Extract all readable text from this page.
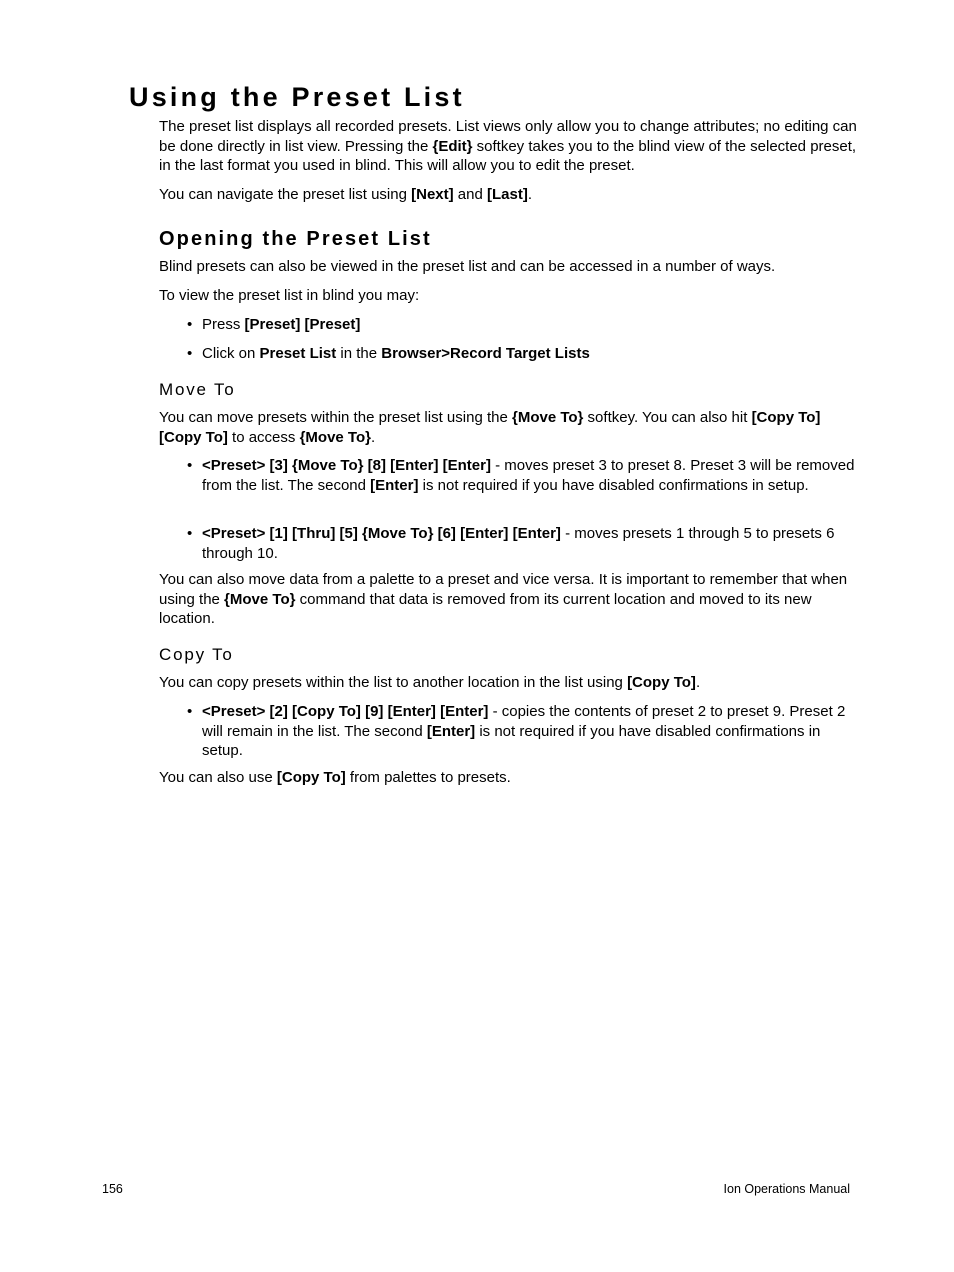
Using the Preset List

The preset list displays all recorded presets. List views only allow you to change attributes; no editing can be done directly in list view. Pressing the {Edit} softkey takes you to the blind view of the selected preset, in the last format you used in blind. This will allow you to edit the preset.

You can navigate the preset list using [Next] and [Last].

Opening the Preset List

Blind presets can also be viewed in the preset list and can be accessed in a number of ways.

To view the preset list in blind you may:

• Press [Preset] [Preset]

• Click on Preset List in the Browser>Record Target Lists

Move To

You can move presets within the preset list using the {Move To} softkey. You can also hit [Copy To] [Copy To] to access {Move To}.

• <Preset> [3] {Move To} [8] [Enter] [Enter] - moves preset 3 to preset 8. Preset 3 will be removed from the list. The second [Enter] is not required if you have disabled confirmations in setup.

• <Preset> [1] [Thru] [5] {Move To} [6] [Enter] [Enter] - moves presets 1 through 5 to presets 6 through 10.

You can also move data from a palette to a preset and vice versa. It is important to remember that when using the {Move To} command that data is removed from its current location and moved to its new location.

Copy To

You can copy presets within the list to another location in the list using [Copy To].

• <Preset> [2] [Copy To] [9] [Enter] [Enter] - copies the contents of preset 2 to preset 9. Preset 2 will remain in the list. The second [Enter] is not required if you have disabled confirmations in setup.

You can also use [Copy To] from palettes to presets.

156	Ion Operations Manual
